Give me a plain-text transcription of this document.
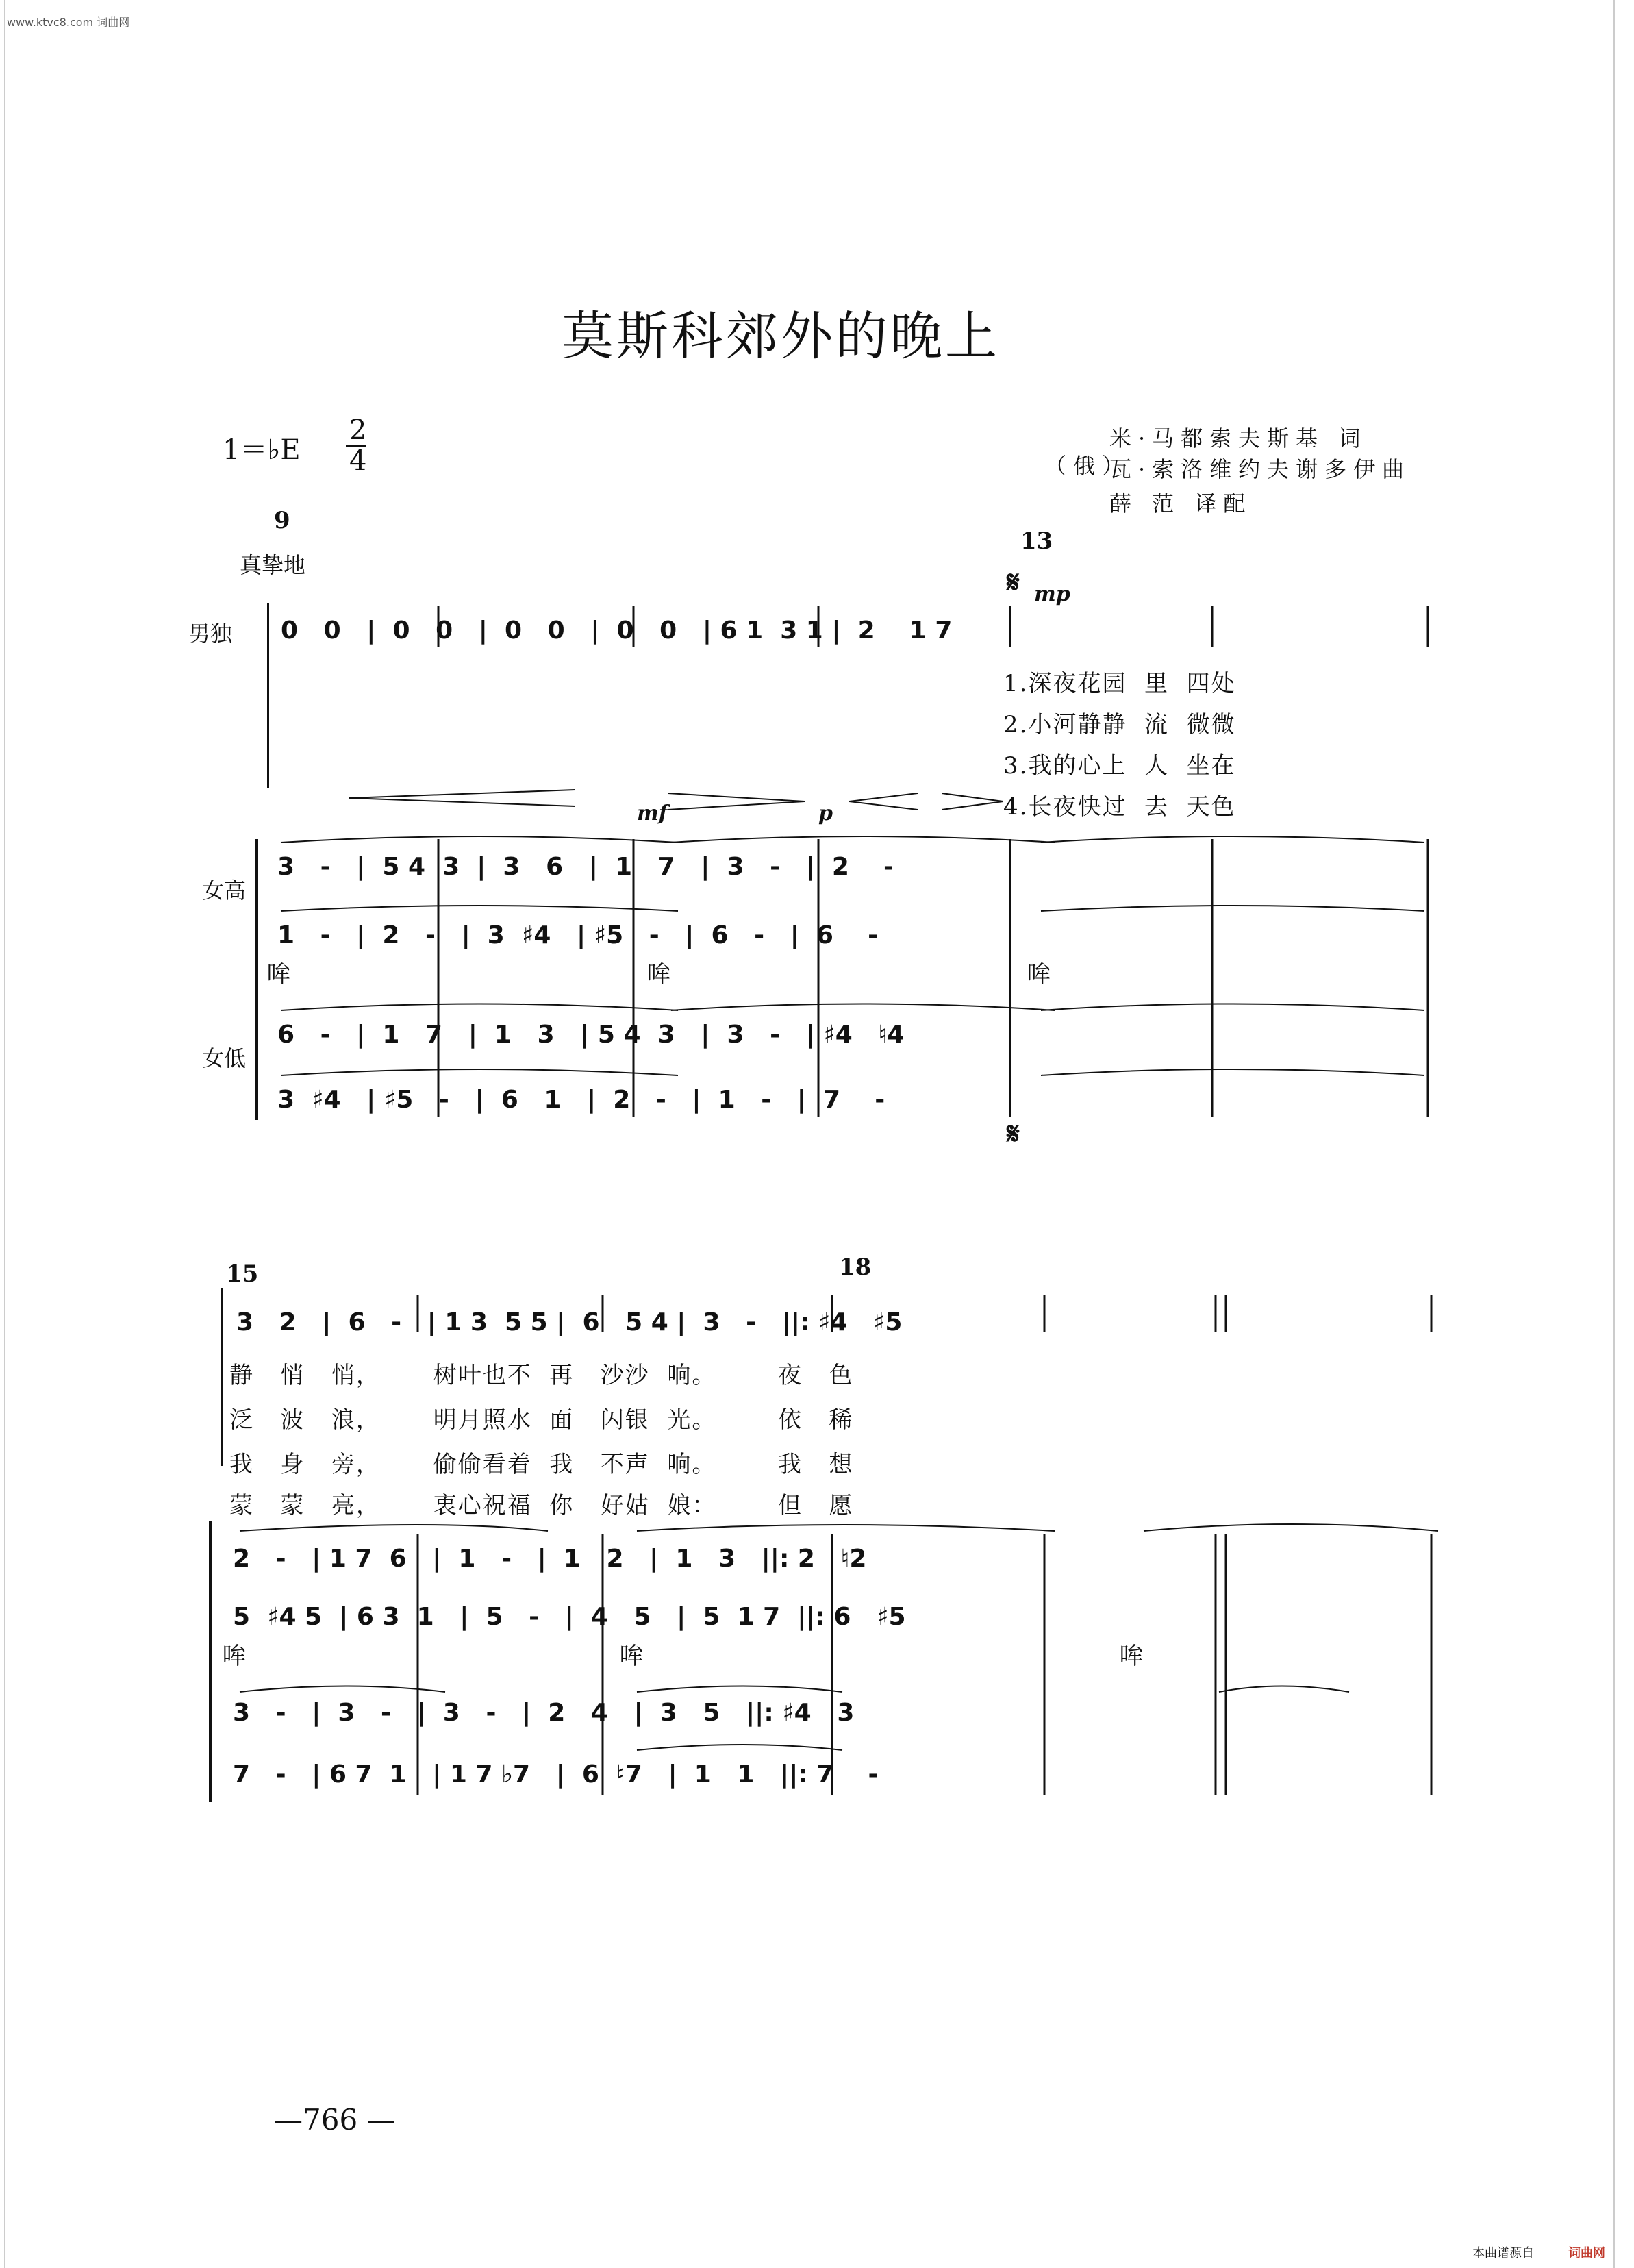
www.ktvc8.com 词曲网
莫斯科郊外的晚上
1＝♭E
2
4	（俄）
米·马都索夫斯基 词
瓦·索洛维约夫谢多伊曲
薛 范 译配
9
真挚地
13
𝄋 mp
男独 0   0   |  0   0   |  0   0   |  0   0   | 6 1  3 1 |  2    1 7
1.深夜花园  里  四处
2.小河静静  流  微微
3.我的心上  人  坐在
4.长夜快过  去  天色
mf	p
女高
女低
3   -   |  5 4  3  |  3   6   |  1   7   |  3   -   |  2    -
1   -   |  2   -   |  3  ♯4   | ♯5   -   |  6   -   |  6    -
哞	哞	哞
6   -   |  1   7   |  1   3   | 5 4  3   |  3   -   | ♯4   ♮4
3  ♯4   | ♯5   -   |  6   1   |  2   -   |  1   -   |  7    -
𝄋
15	18
3   2   |  6   -   | 1 3  5 5 |  6   5 4 |  3   -   ||: ♯4   ♯5
静   悄   悄，      树叶也不  再   沙沙  响。       夜   色
泛   波   浪，      明月照水  面   闪银  光。       依   稀
我   身   旁，      偷偷看着  我   不声  响。       我   想
蒙   蒙   亮，      衷心祝福  你   好姑  娘：       但   愿
2   -   | 1 7  6   |  1   -   |  1   2   |  1   3   ||: 2   ♮2
5  ♯4 5  | 6 3  1   |  5   -   |  4   5   |  5  1 7  ||: 6   ♯5
哞	哞	哞
3   -   |  3   -   |  3   -   |  2   4   |  3   5   ||: ♯4   3
7   -   | 6 7  1   | 1 7 ♭7   |  6  ♮7   |  1   1   ||: 7    -
—766 —
本曲谱源自	词曲网
